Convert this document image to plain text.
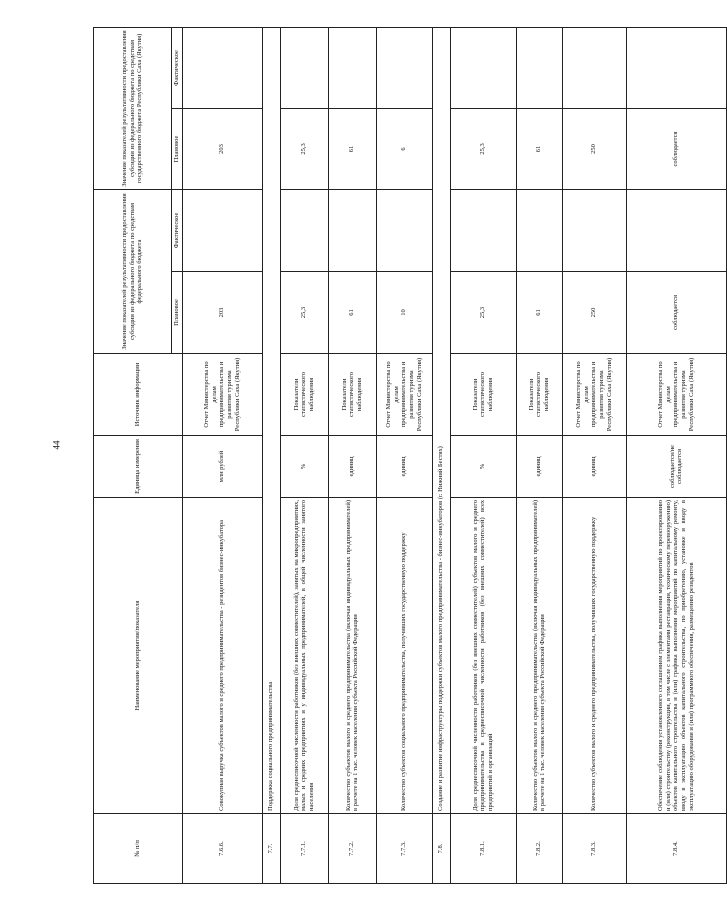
44
№ п/п	Наименование мероприятия/показателя	Единица измерения	Источник информации	Значение показателей результативности предоставления субсидии из федерального бюджета по средствам федерального бюджета		Значение показателей результативности предоставления субсидии из федерального бюджета по средствам государственного бюджета Республики Саха (Якутия)	
				Плановое	Фактическое	Плановое	Фактическое
7.6.6.	Совокупная выручка субъектов малого и среднего предпринимательства - резидентов бизнес-инкубатора	млн рублей	Отчет Министерства по делам предпринимательства и развития туризма Республики Саха (Якутия)	203		203	
7.7.	Поддержка социального предпринимательства						
7.7.1.	Доля среднесписочной численности работников (без внешних совместителей), занятых на микропредприятиях, малых и средних предприятиях и у индивидуальных предпринимателей, в общей численности занятого населения	%	Показатели статистического наблюдения	25,3		25,3	
7.7.2.	Количество субъектов малого и среднего предпринимательства (включая индивидуальных предпринимателей) в расчете на 1 тыс. человек населения субъекта Российской Федерации	единиц	Показатели статистического наблюдения	61		61	
7.7.3.	Количество субъектов социального предпринимательства, получивших государственную поддержку	единиц	Отчет Министерства по делам предпринимательства и развития туризма Республики Саха (Якутия)	10		6	
7.8.	Создание и развитие инфраструктуры поддержки субъектов малого предпринимательства - бизнес-инкубаторов (г. Нижний Бестях)						
7.8.1.	Доля среднесписочной численности работников (без внешних совместителей) субъектов малого и среднего предпринимательства в среднесписочной численности работников (без внешних совместителей) всех предприятий и организаций	%	Показатели статистического наблюдения	25,3		25,3	
7.8.2.	Количество субъектов малого и среднего предпринимательства (включая индивидуальных предпринимателей) в расчете на 1 тыс. человек населения субъекта Российской Федерации	единиц	Показатели статистического наблюдения	61		61	
7.8.3.	Количество субъектов малого и среднего предпринимательства, получивших государственную поддержку	единиц	Отчет Министерства по делам предпринимательства и развития туризма Республики Саха (Якутия)	250		250	
7.8.4.	Обеспечение соблюдения установленного соглашением графика выполнения мероприятий по проектированию и (или) строительству (реконструкции, в том числе с элементами реставрации, техническому перевооружению) объектов капитального строительства и (или) графика выполнения мероприятий по капитальному ремонту, вводу в эксплуатацию объектов капитального строительства, по приобретению, установке и вводу в эксплуатацию оборудования и (или) программного обеспечения, размещению резидентов	соблюдается/не соблюдается	Отчет Министерства по делам предпринимательства и развития туризма Республики Саха (Якутия)	соблюдается		соблюдается	
